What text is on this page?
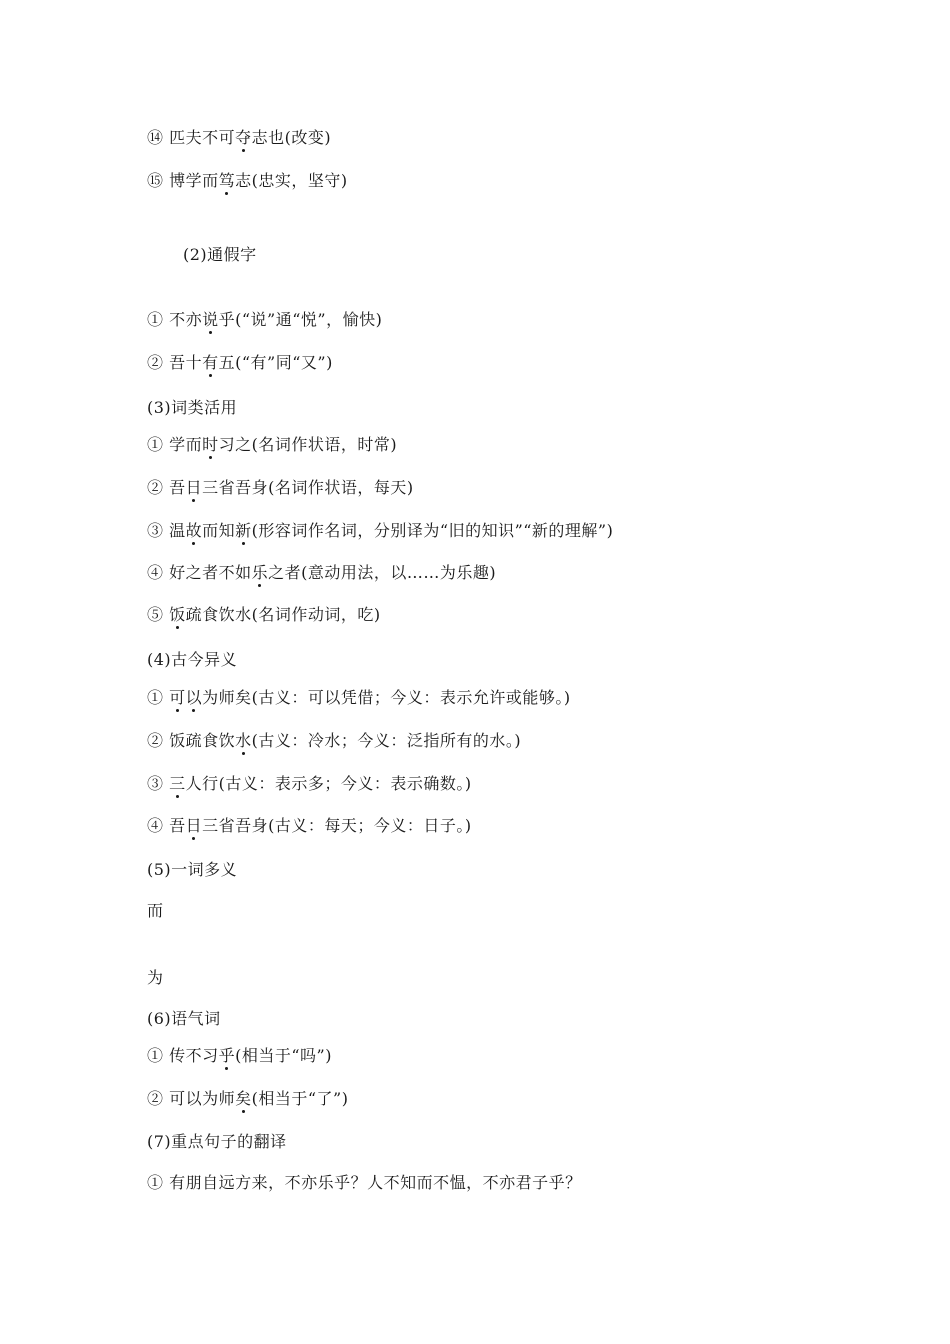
⑭ 匹夫不可夺志也(改变)
⑮ 博学而笃志(忠实，坚守)
(2)通假字
① 不亦说乎(“说”通“悦”，愉快)
② 吾十有五(“有”同“又”)
(3)词类活用
① 学而时习之(名词作状语，时常)
② 吾日三省吾身(名词作状语，每天)
③ 温故而知新(形容词作名词，分别译为“旧的知识”“新的理解”)
④ 好之者不如乐之者(意动用法，以……为乐趣)
⑤ 饭疏食饮水(名词作动词，吃)
(4)古今异义
① 可以为师矣(古义：可以凭借；今义：表示允许或能够。)
② 饭疏食饮水(古义：冷水；今义：泛指所有的水。)
③ 三人行(古义：表示多；今义：表示确数。)
④ 吾日三省吾身(古义：每天；今义：日子。)
(5)一词多义
而
为
(6)语气词
① 传不习乎(相当于“吗”)
② 可以为师矣(相当于“了”)
(7)重点句子的翻译
① 有朋自远方来，不亦乐乎？人不知而不愠，不亦君子乎？
